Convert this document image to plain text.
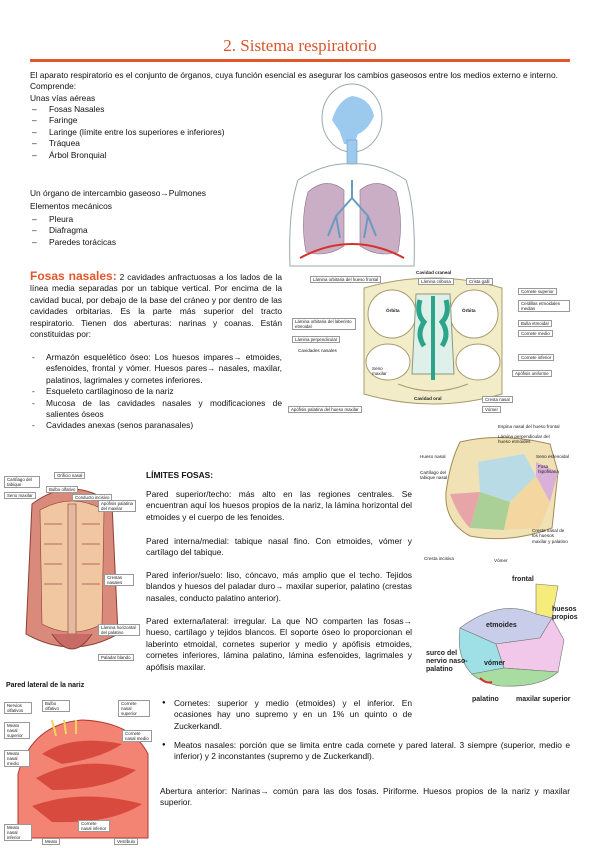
2. Sistema respiratorio
El aparato respiratorio es el conjunto de órganos, cuya función esencial es asegurar los cambios gaseosos entre los medios externo e interno. Comprende:
Unas vías aéreas
– Fosas Nasales
– Faringe
– Laringe (límite entre los superiores e inferiores)
– Tráquea
– Árbol Bronquial
Un órgano de intercambio gaseoso→Pulmones
Elementos mecánicos
– Pleura
– Diafragma
– Paredes torácicas
Fosas nasales: 2 cavidades anfractuosas a los lados de la línea media separadas por un tabique vertical. Por encima de la cavidad bucal, por debajo de la base del cráneo y por dentro de las cavidades orbitarias. Es la parte más superior del tracto respiratorio. Tienen dos aberturas: narinas y coanas. Están constituidas por:
- Armazón esquelético óseo: Los huesos impares→ etmoides, esfenoides, frontal y vómer. Huesos pares→ nasales, maxilar, palatinos, lagrimales y cornetes inferiores.
- Esqueleto cartilaginoso de la nariz
- Mucosa de las cavidades nasales y modificaciones de salientes óseos
- Cavidades anexas (senos paranasales)
Lámina orbitaria del hueso frontal
Cavidad craneal
Lámina cribosa	Crista galli
Órbita	Órbita
Cornete superior
Celdillas etmoidales medias
Lámina orbitaria del laberinto etmoidal
Lámina perpendicular
Bulla etmoidal
Cornete medio
Cavidades nasales
Seno maxilar
Cornete inferior
Apófisis uniforme
Cavidad oral	Cresta nasal
Vómer
Apófisis palatina del hueso maxilar
Espina nasal del hueso frontal
Lámina perpendicular del hueso etmoides
Hueso nasal	Seno esfenoidal
Fosa hipofisaria
Cartílago del tabique nasal
Cresta nasal de los huesos maxilar y palatino
Cresta incisiva	Vómer
Cartílago del tabique
Seno maxilar
Orificio nasal
Bulbo olfativo
Conducto incisivo
Apófisis palatina del maxilar
Crestas nasales
Lámina horizontal del palatino
Paladar blando
Pared lateral de la nariz
LÍMITES FOSAS:
Pared superior/techo: más alto en las regiones centrales. Se encuentran aquí los huesos propios de la nariz, la lámina horizontal del etmoides y el cuerpo de les fenoides.
Pared interna/medial: tabique nasal fino. Con etmoides, vómer y cartílago del tabique.
Pared inferior/suelo: liso, cóncavo, más amplio que el techo. Tejidos blandos y huesos del paladar duro→ maxilar superior, palatino (crestas nasales, conducto palatino anterior).
Pared externa/lateral: irregular. La que NO comparten las fosas→ hueso, cartílago y tejidos blancos. El soporte óseo lo proporcionan el laberinto etmoidal, cornetes superior y medio y apófisis etmoides, cornetes inferiores, lámina palatino, lámina esfenoides, lagrimales y apófisis maxilar.
● Cornetes: superior y medio (etmoides) y el inferior. En ocasiones hay uno supremo y en un 1% un quinto o de Zuckerkandl.
● Meatos nasales: porción que se limita entre cada cornete y pared lateral. 3 siempre (superior, medio e inferior) y 2 inconstantes (supremo y de Zuckerkandl).
Abertura anterior: Narinas→ común para las dos fosas. Piriforme. Huesos propios de la nariz y maxilar superior.
frontal
huesos propios
etmoides
vómer
surco del nervio naso-palatino
palatino maxilar superior
Nervios olfativos
Bulbo olfativo
Cornete nasal superior
Meato nasal superior	Cornete nasal medio
Meato nasal medio
Cornete nasal inferior
Meato
Meato nasal inferior
Vestíbulo
